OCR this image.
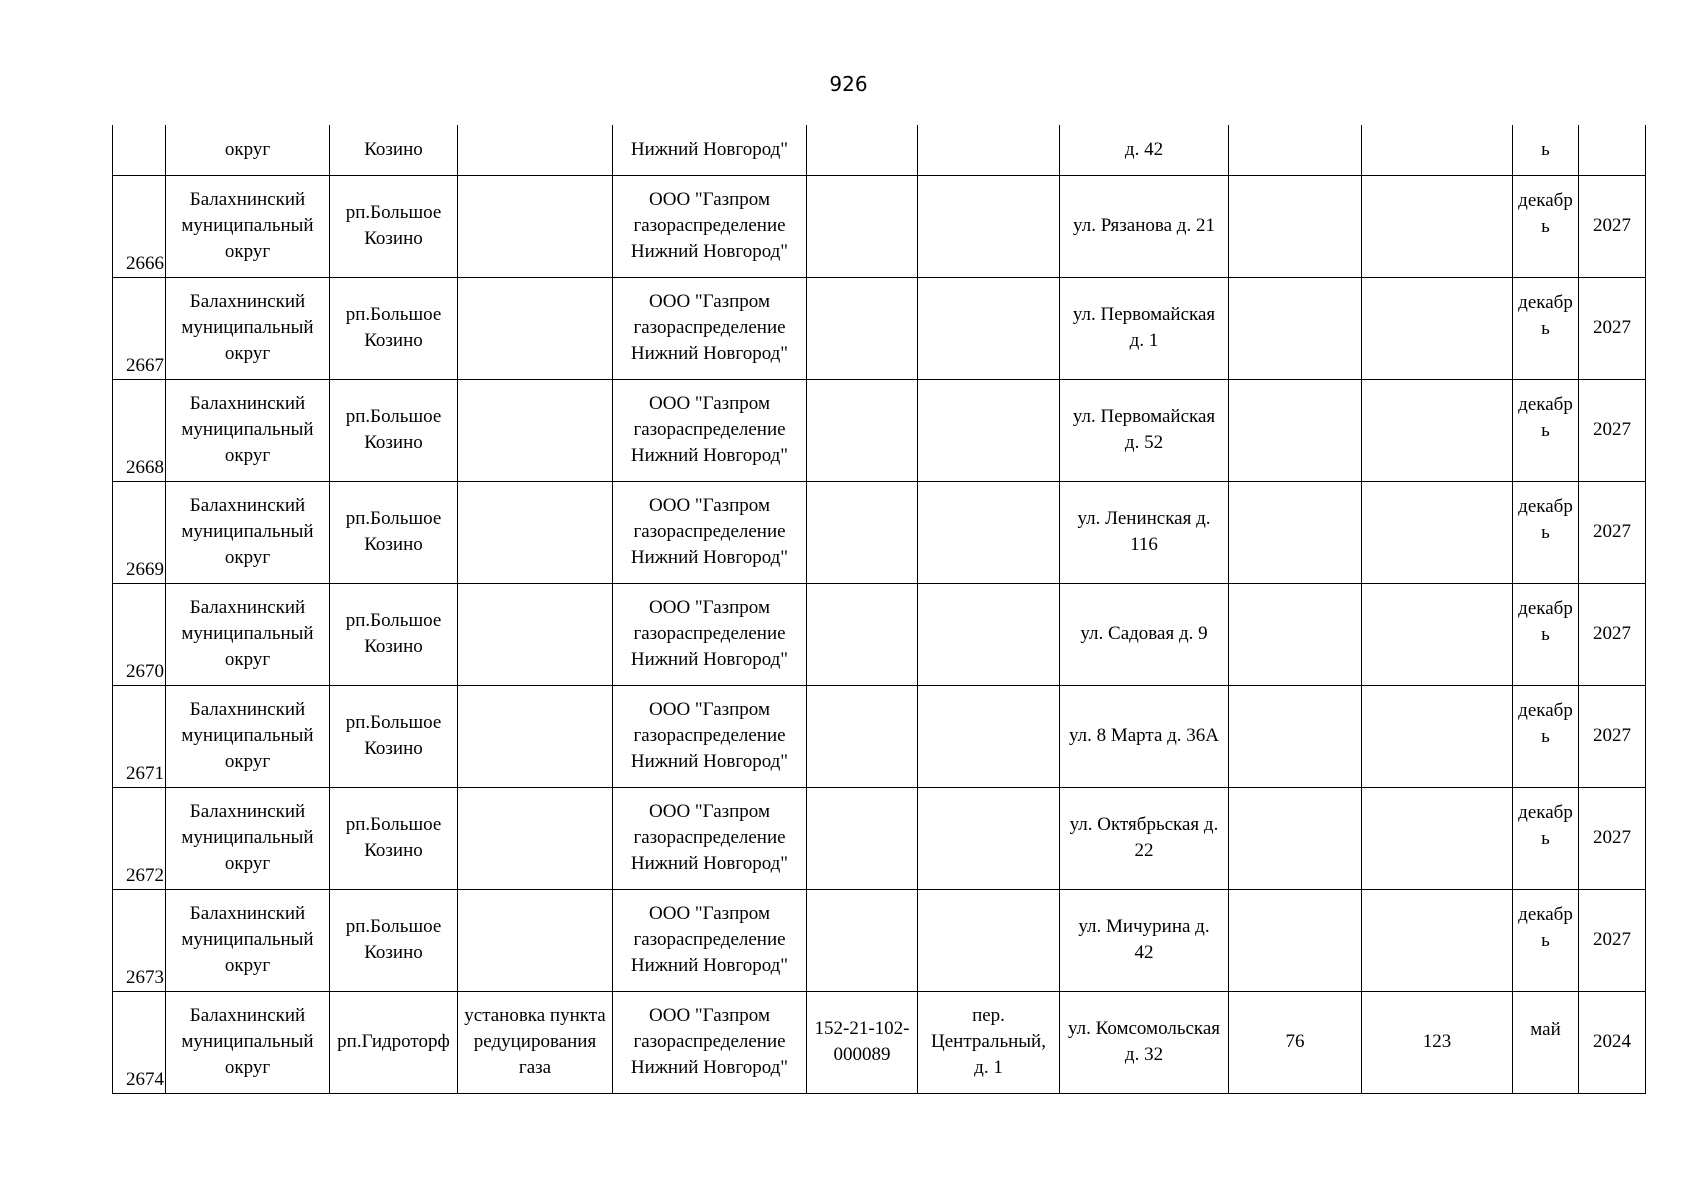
926

	округ	Козино		Нижний Новгород"			д. 42			ь	

2666	Балахнинский
муниципальный
округ	рп.Большое
Козино		ООО "Газпром
газораспределение
Нижний Новгород"			ул. Рязанова д. 21			декабр
ь	2027

2667	Балахнинский
муниципальный
округ	рп.Большое
Козино		ООО "Газпром
газораспределение
Нижний Новгород"			ул. Первомайская
д. 1			декабр
ь	2027

2668	Балахнинский
муниципальный
округ	рп.Большое
Козино		ООО "Газпром
газораспределение
Нижний Новгород"			ул. Первомайская
д. 52			декабр
ь	2027

2669	Балахнинский
муниципальный
округ	рп.Большое
Козино		ООО "Газпром
газораспределение
Нижний Новгород"			ул. Ленинская д.
116			декабр
ь	2027

2670	Балахнинский
муниципальный
округ	рп.Большое
Козино		ООО "Газпром
газораспределение
Нижний Новгород"			ул. Садовая д. 9			декабр
ь	2027

2671	Балахнинский
муниципальный
округ	рп.Большое
Козино		ООО "Газпром
газораспределение
Нижний Новгород"			ул. 8 Марта д. 36А			декабр
ь	2027

2672	Балахнинский
муниципальный
округ	рп.Большое
Козино		ООО "Газпром
газораспределение
Нижний Новгород"			ул. Октябрьская д.
22			декабр
ь	2027

2673	Балахнинский
муниципальный
округ	рп.Большое
Козино		ООО "Газпром
газораспределение
Нижний Новгород"			ул. Мичурина д.
42			декабр
ь	2027

2674	Балахнинский
муниципальный
округ	рп.Гидроторф	установка пункта
редуцирования
газа	ООО "Газпром
газораспределение
Нижний Новгород"	152-21-102-
000089	пер.
Центральный,
д. 1	ул. Комсомольская
д. 32	76	123	май	2024
